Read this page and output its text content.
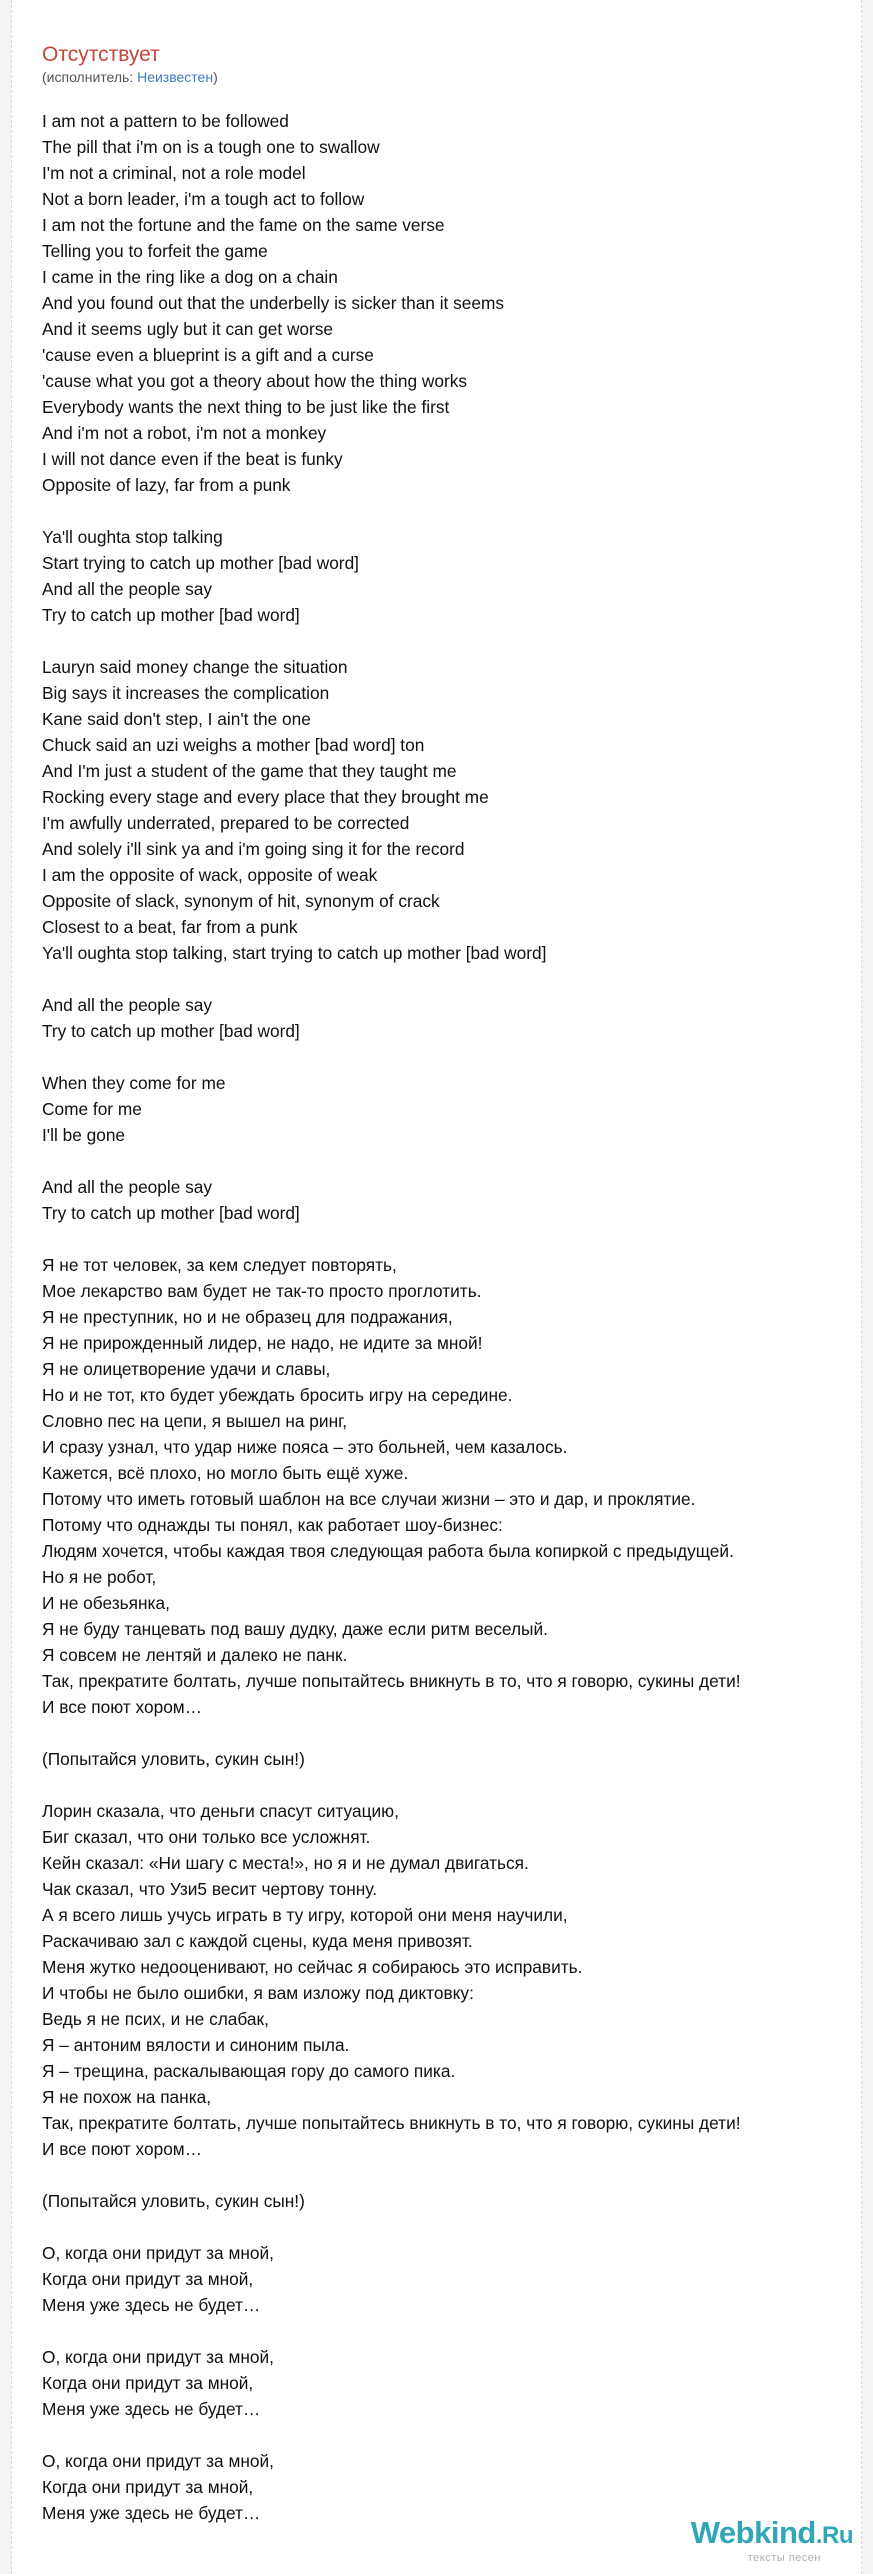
Отсутствует
(исполнитель: Неизвестен)
I am not a pattern to be followed
The pill that i'm on is a tough one to swallow
I'm not a criminal, not a role model
Not a born leader, i'm a tough act to follow
I am not the fortune and the fame on the same verse
Telling you to forfeit the game
I came in the ring like a dog on a chain
And you found out that the underbelly is sicker than it seems
And it seems ugly but it can get worse
'cause even a blueprint is a gift and a curse
'cause what you got a theory about how the thing works
Everybody wants the next thing to be just like the first
And i'm not a robot, i'm not a monkey
I will not dance even if the beat is funky
Opposite of lazy, far from a punk
Ya'll oughta stop talking
Start trying to catch up mother [bad word]
And all the people say
Try to catch up mother [bad word]
Lauryn said money change the situation
Big says it increases the complication
Kane said don't step, I ain't the one
Chuck said an uzi weighs a mother [bad word] ton
And I'm just a student of the game that they taught me
Rocking every stage and every place that they brought me
I'm awfully underrated, prepared to be corrected
And solely i'll sink ya and i'm going sing it for the record
I am the opposite of wack, opposite of weak
Opposite of slack, synonym of hit, synonym of crack
Closest to a beat, far from a punk
Ya'll oughta stop talking, start trying to catch up mother [bad word]
And all the people say
Try to catch up mother [bad word]
When they come for me
Come for me
I'll be gone
And all the people say
Try to catch up mother [bad word]
Я не тот человек, за кем следует повторять,
Мое лекарство вам будет не так-то просто проглотить.
Я не преступник, но и не образец для подражания,
Я не прирожденный лидер, не надо, не идите за мной!
Я не олицетворение удачи и славы,
Но и не тот, кто будет убеждать бросить игру на середине.
Словно пес на цепи, я вышел на ринг,
И сразу узнал, что удар ниже пояса – это больней, чем казалось.
Кажется, всё плохо, но могло быть ещё хуже.
Потому что иметь готовый шаблон на все случаи жизни – это и дар, и проклятие.
Потому что однажды ты понял, как работает шоу-бизнес:
Людям хочется, чтобы каждая твоя следующая работа была копиркой с предыдущей.
Но я не робот,
И не обезьянка,
Я не буду танцевать под вашу дудку, даже если ритм веселый.
Я совсем не лентяй и далеко не панк.
Так, прекратите болтать, лучше попытайтесь вникнуть в то, что я говорю, сукины дети!
И все поют хором…
(Попытайся уловить, сукин сын!)
Лорин сказала, что деньги спасут ситуацию,
Биг сказал, что они только все усложнят.
Кейн сказал: «Ни шагу с места!», но я и не думал двигаться.
Чак сказал, что Узи5 весит чертову тонну.
А я всего лишь учусь играть в ту игру, которой они меня научили,
Раскачиваю зал с каждой сцены, куда меня привозят.
Меня жутко недооценивают, но сейчас я собираюсь это исправить.
И чтобы не было ошибки, я вам изложу под диктовку:
Ведь я не псих, и не слабак,
Я – антоним вялости и синоним пыла.
Я – трещина, раскалывающая гору до самого пика.
Я не похож на панка,
Так, прекратите болтать, лучше попытайтесь вникнуть в то, что я говорю, сукины дети!
И все поют хором…
(Попытайся уловить, сукин сын!)
О, когда они придут за мной,
Когда они придут за мной,
Меня уже здесь не будет…
О, когда они придут за мной,
Когда они придут за мной,
Меня уже здесь не будет…
О, когда они придут за мной,
Когда они придут за мной,
Меня уже здесь не будет…
Webkind.Ru
тексты песен
